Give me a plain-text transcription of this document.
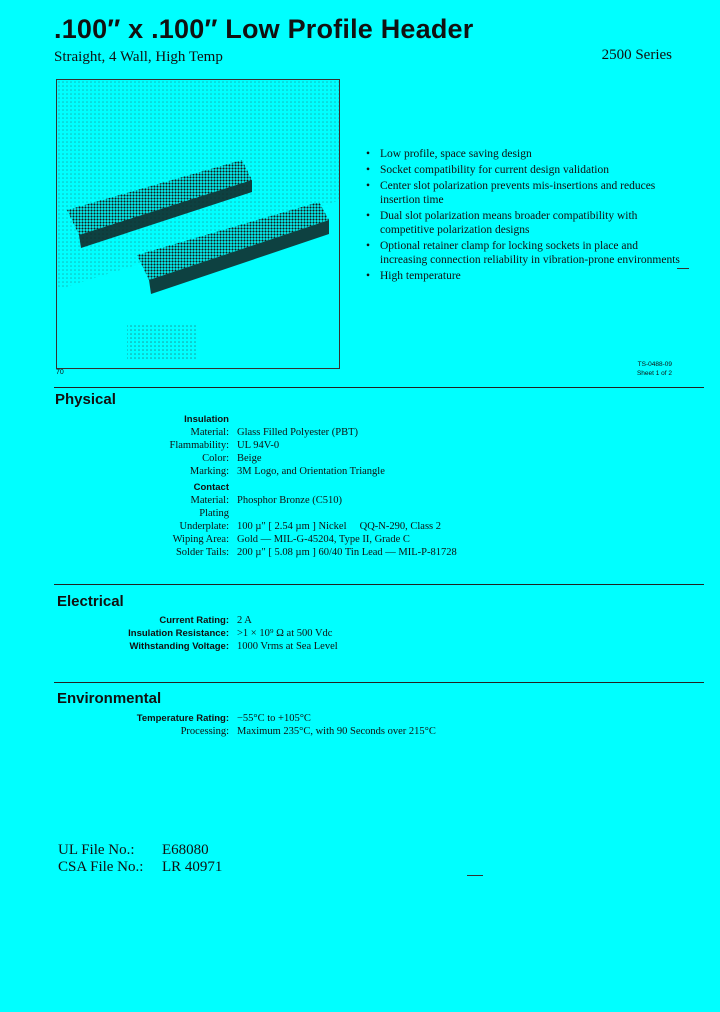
.100″ x .100″ Low Profile Header
Straight, 4 Wall, High Temp	2500 Series
70
TS-0488-09
Sheet 1 of 2
• Low profile, space saving design
• Socket compatibility for current design validation
• Center slot polarization prevents mis-insertions and reduces insertion time
• Dual slot polarization means broader compatibility with competitive polarization designs
• Optional retainer clamp for locking sockets in place and increasing connection reliability in vibration-prone environments
• High temperature
Physical
Insulation
Material: Glass Filled Polyester (PBT)
Flammability: UL 94V-0
Color: Beige
Marking: 3M Logo, and Orientation Triangle
Contact
Material: Phosphor Bronze (C510)
Plating
Underplate: 100 µ″ [ 2.54 µm ] Nickel     QQ-N-290, Class 2
Wiping Area: Gold — MIL-G-45204, Type II, Grade C
Solder Tails: 200 µ″ [ 5.08 µm ] 60/40 Tin Lead — MIL-P-81728
Electrical
Current Rating: 2 A
Insulation Resistance: >1 × 10⁹ Ω at 500 Vdc
Withstanding Voltage: 1000 Vrms at Sea Level
Environmental
Temperature Rating: −55°C to +105°C
Processing: Maximum 235°C, with 90 Seconds over 215°C
UL File No.: E68080
CSA File No.: LR 40971
